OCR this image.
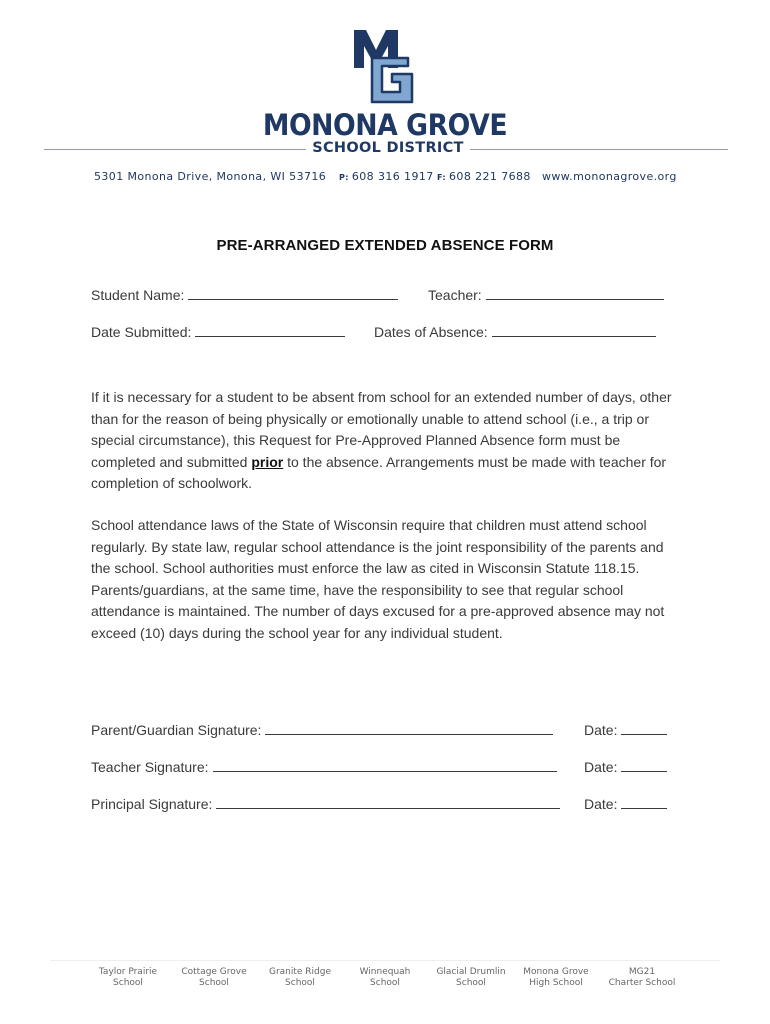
MONONA GROVE
SCHOOL DISTRICT
5301 Monona Drive, Monona, WI 53716 P: 608 316 1917 F: 608 221 7688 www.mononagrove.org
PRE-ARRANGED EXTENDED ABSENCE FORM
Student Name:	Teacher:
Date Submitted:	Dates of Absence:
If it is necessary for a student to be absent from school for an extended number of days, other than for the reason of being physically or emotionally unable to attend school (i.e., a trip or special circumstance), this Request for Pre-Approved Planned Absence form must be completed and submitted prior to the absence. Arrangements must be made with teacher for completion of schoolwork.
School attendance laws of the State of Wisconsin require that children must attend school regularly. By state law, regular school attendance is the joint responsibility of the parents and the school. School authorities must enforce the law as cited in Wisconsin Statute 118.15. Parents/guardians, at the same time, have the responsibility to see that regular school attendance is maintained. The number of days excused for a pre-approved absence may not exceed (10) days during the school year for any individual student.
Parent/Guardian Signature:	Date:
Teacher Signature:	Date:
Principal Signature:	Date:
Taylor Prairie
School
Cottage Grove
School
Granite Ridge
School
Winnequah
School
Glacial Drumlin
School
Monona Grove
High School
MG21
Charter School
